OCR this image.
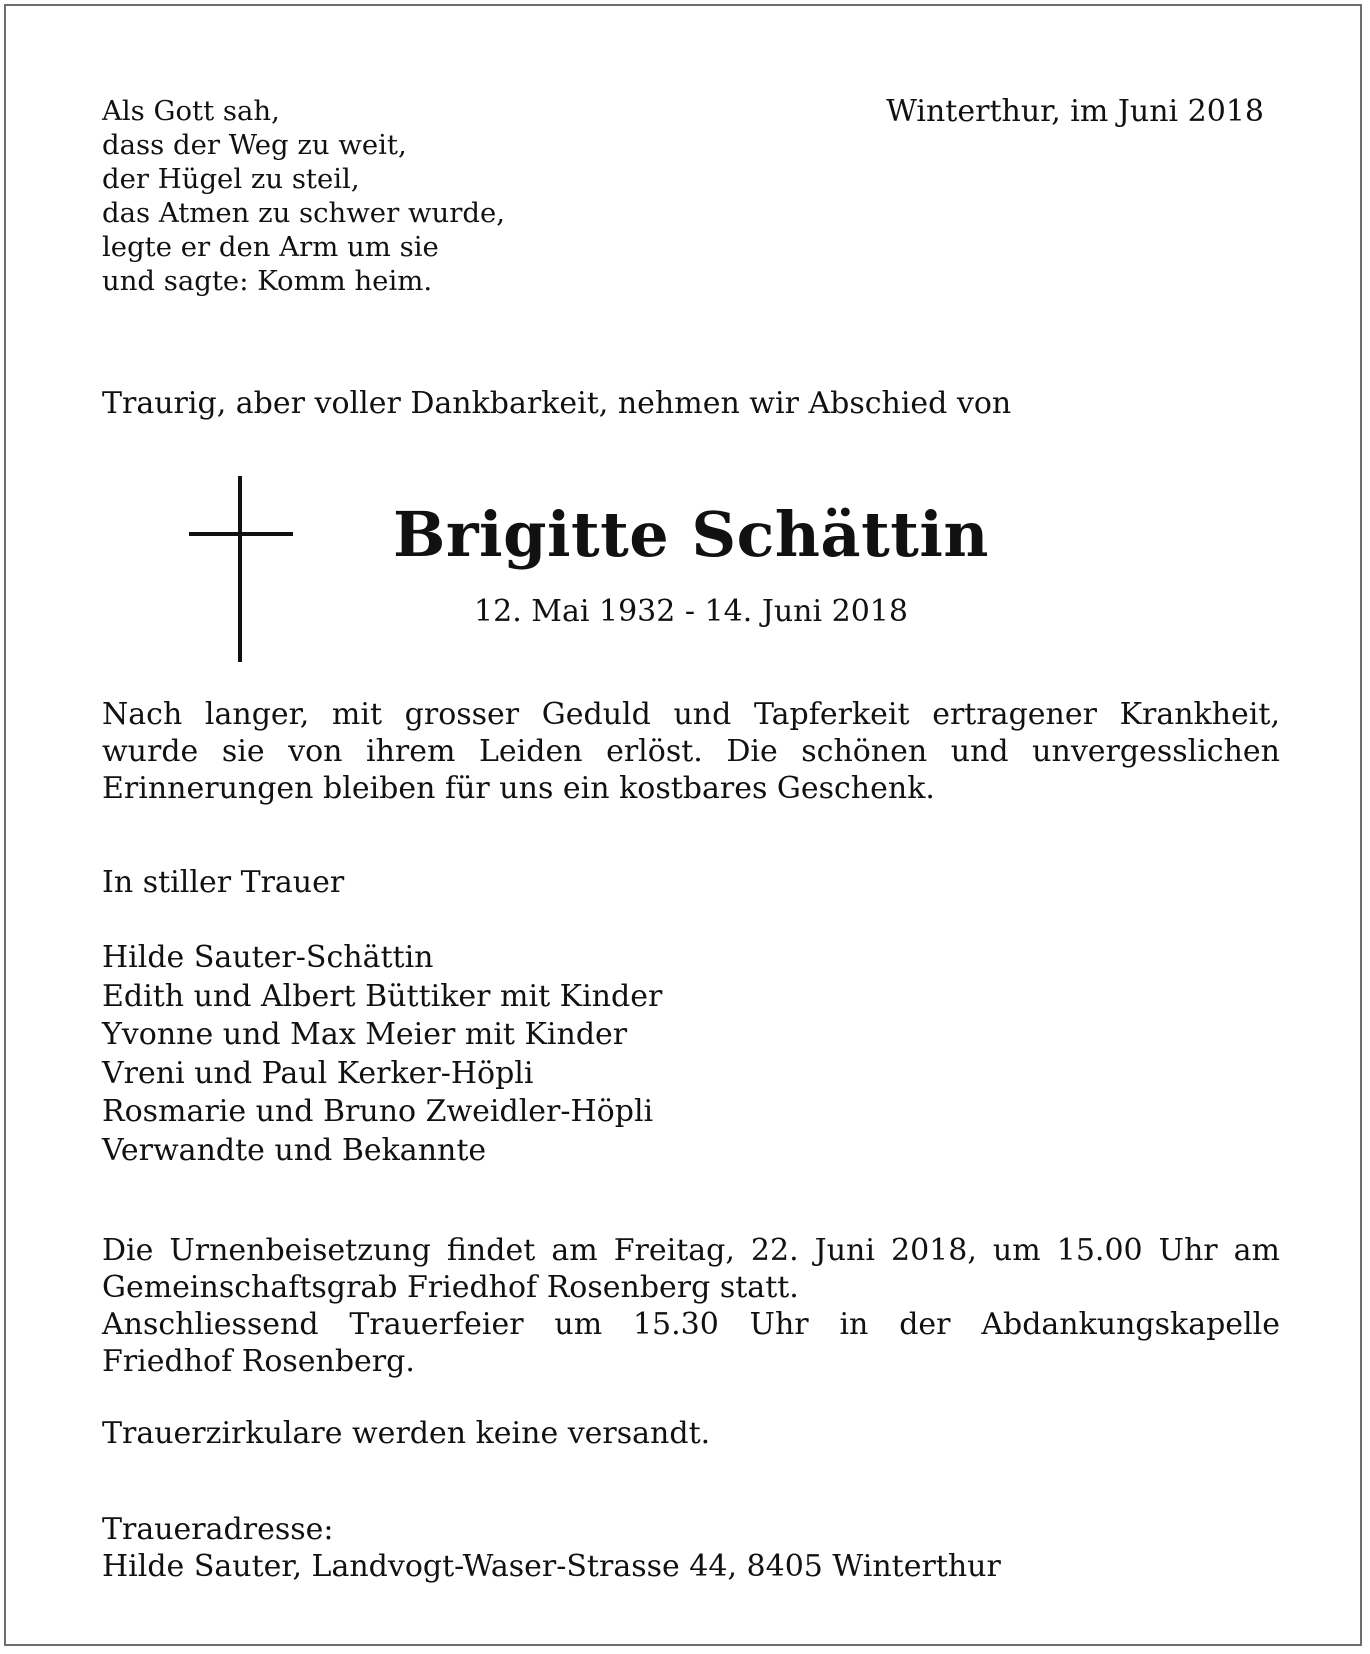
Als Gott sah,
dass der Weg zu weit,
der Hügel zu steil,
das Atmen zu schwer wurde,
legte er den Arm um sie
und sagte: Komm heim.
Winterthur, im Juni 2018
Traurig, aber voller Dankbarkeit, nehmen wir Abschied von
Brigitte Schättin
12. Mai 1932 - 14. Juni 2018
Nach langer, mit grosser Geduld und Tapferkeit ertragener Krankheit,
wurde sie von ihrem Leiden erlöst. Die schönen und unvergesslichen
Erinnerungen bleiben für uns ein kostbares Geschenk.
In stiller Trauer
Hilde Sauter-Schättin
Edith und Albert Büttiker mit Kinder
Yvonne und Max Meier mit Kinder
Vreni und Paul Kerker-Höpli
Rosmarie und Bruno Zweidler-Höpli
Verwandte und Bekannte
Die Urnenbeisetzung findet am Freitag, 22. Juni 2018, um 15.00 Uhr am
Gemeinschaftsgrab Friedhof Rosenberg statt.
Anschliessend Trauerfeier um 15.30 Uhr in der Abdankungskapelle
Friedhof Rosenberg.
Trauerzirkulare werden keine versandt.
Traueradresse:
Hilde Sauter, Landvogt-Waser-Strasse 44, 8405 Winterthur
